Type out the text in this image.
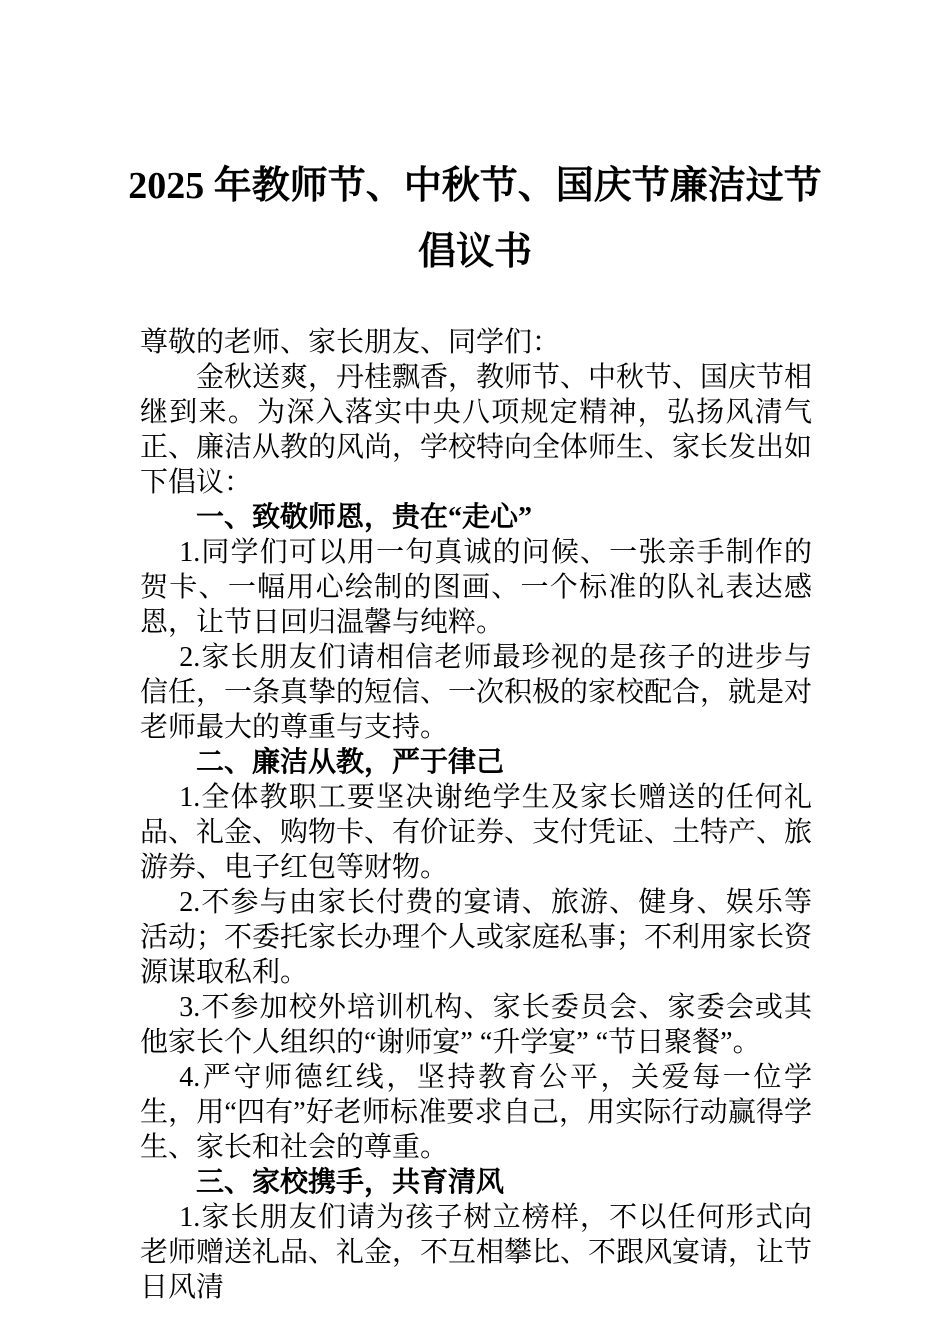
2025 年教师节、中秋节、国庆节廉洁过节
倡议书

尊敬的老师、家长朋友、同学们：

金秋送爽，丹桂飘香，教师节、中秋节、国庆节相继到来。为深入落实中央八项规定精神，弘扬风清气正、廉洁从教的风尚，学校特向全体师生、家长发出如下倡议：

一、致敬师恩，贵在“走心”

1.同学们可以用一句真诚的问候、一张亲手制作的贺卡、一幅用心绘制的图画、一个标准的队礼表达感恩，让节日回归温馨与纯粹。

2.家长朋友们请相信老师最珍视的是孩子的进步与信任，一条真挚的短信、一次积极的家校配合，就是对老师最大的尊重与支持。

二、廉洁从教，严于律己

1.全体教职工要坚决谢绝学生及家长赠送的任何礼品、礼金、购物卡、有价证券、支付凭证、土特产、旅游券、电子红包等财物。

2.不参与由家长付费的宴请、旅游、健身、娱乐等活动；不委托家长办理个人或家庭私事；不利用家长资源谋取私利。

3.不参加校外培训机构、家长委员会、家委会或其他家长个人组织的“谢师宴” “升学宴” “节日聚餐”。

4.严守师德红线，坚持教育公平，关爱每一位学生，用“四有”好老师标准要求自己，用实际行动赢得学生、家长和社会的尊重。

三、家校携手，共育清风

1.家长朋友们请为孩子树立榜样，不以任何形式向老师赠送礼品、礼金，不互相攀比、不跟风宴请，让节日风清
